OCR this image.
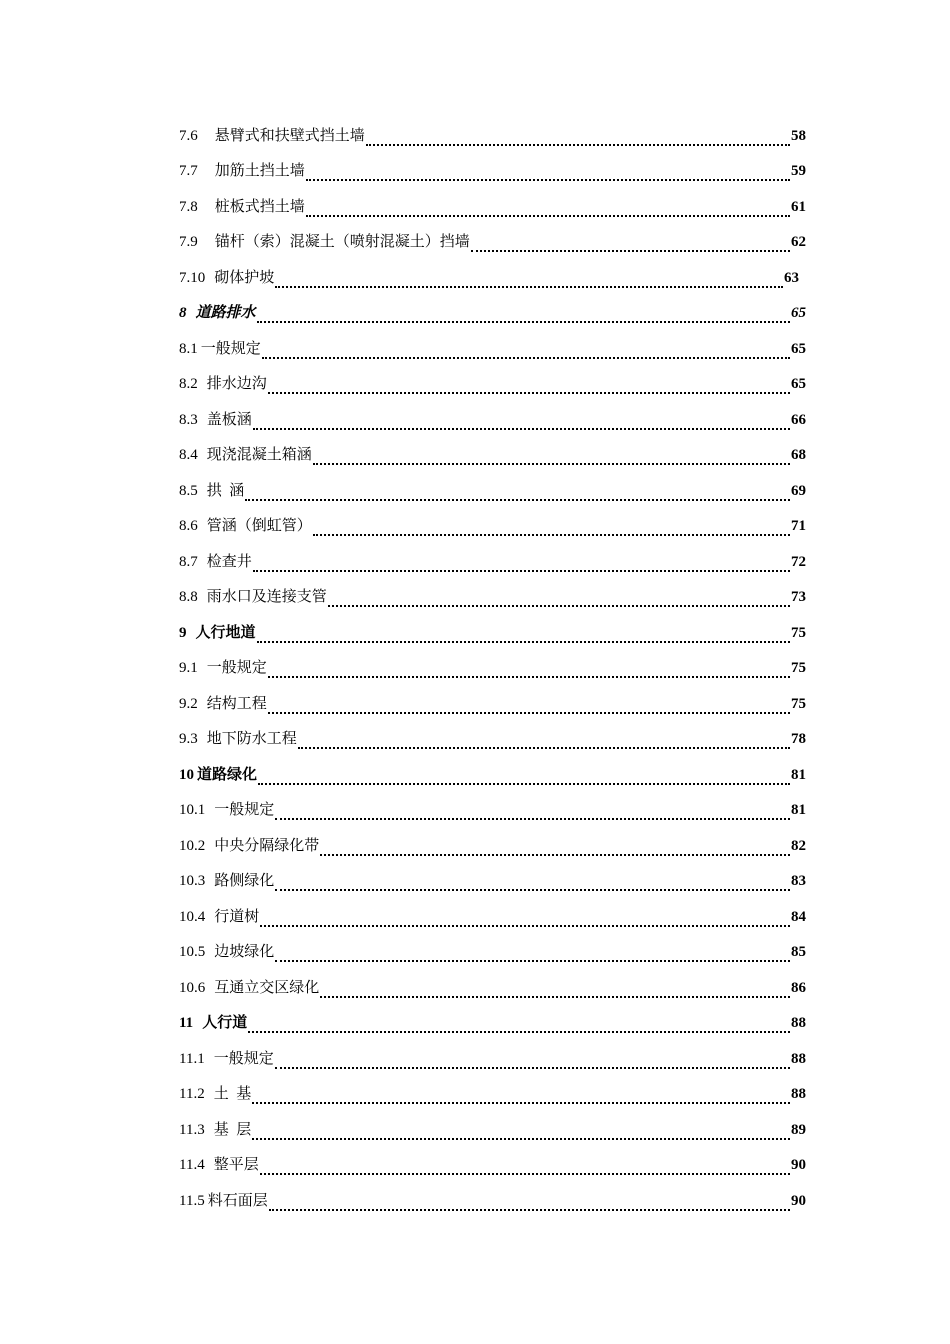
7.6 悬臂式和扶壁式挡土墙	58
7.7 加筋土挡土墙	59
7.8 桩板式挡土墙	61
7.9 锚杆（索）混凝土（喷射混凝土）挡墙	62
7.10 砌体护坡	63
8 道路排水	65
8.1 一般规定	65
8.2 排水边沟	65
8.3 盖板涵	66
8.4 现浇混凝土箱涵	68
8.5 拱  涵	69
8.6 管涵（倒虹管）	71
8.7 检查井	72
8.8 雨水口及连接支管	73
9 人行地道	75
9.1 一般规定	75
9.2 结构工程	75
9.3 地下防水工程	78
10 道路绿化	81
10.1 一般规定	81
10.2 中央分隔绿化带	82
10.3 路侧绿化	83
10.4 行道树	84
10.5 边坡绿化	85
10.6 互通立交区绿化	86
11 人行道	88
11.1 一般规定	88
11.2 土  基	88
11.3 基  层	89
11.4 整平层	90
11.5 料石面层	90
